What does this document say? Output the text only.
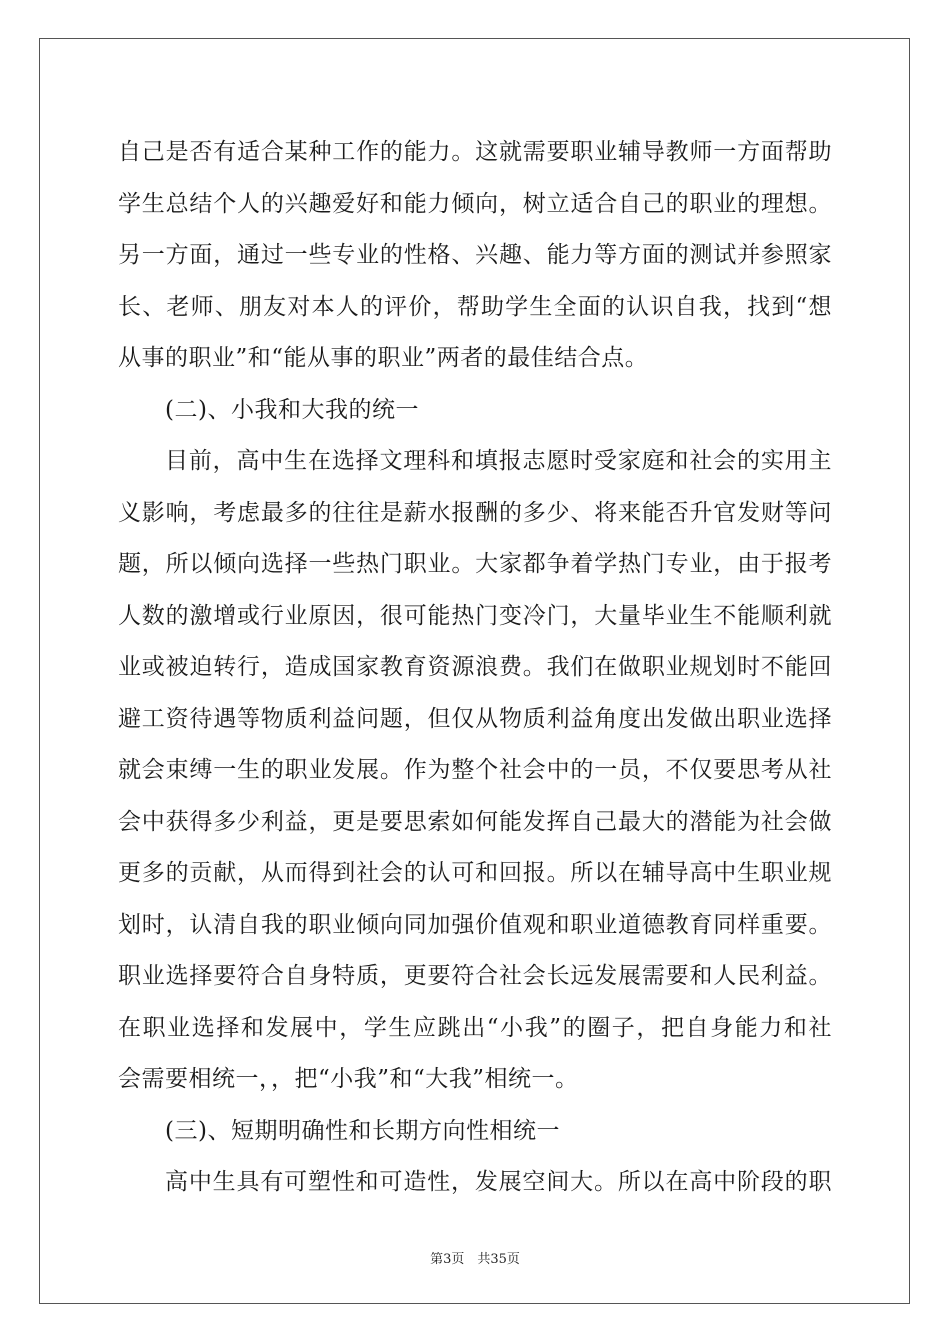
自己是否有适合某种工作的能力。这就需要职业辅导教师一方面帮助
学生总结个人的兴趣爱好和能力倾向，树立适合自己的职业的理想。
另一方面，通过一些专业的性格、兴趣、能力等方面的测试并参照家
长、老师、朋友对本人的评价，帮助学生全面的认识自我，找到“想
从事的职业”和“能从事的职业”两者的最佳结合点。
(二)、小我和大我的统一
目前，高中生在选择文理科和填报志愿时受家庭和社会的实用主
义影响，考虑最多的往往是薪水报酬的多少、将来能否升官发财等问
题，所以倾向选择一些热门职业。大家都争着学热门专业，由于报考
人数的激增或行业原因，很可能热门变冷门，大量毕业生不能顺利就
业或被迫转行，造成国家教育资源浪费。我们在做职业规划时不能回
避工资待遇等物质利益问题，但仅从物质利益角度出发做出职业选择
就会束缚一生的职业发展。作为整个社会中的一员，不仅要思考从社
会中获得多少利益，更是要思索如何能发挥自己最大的潜能为社会做
更多的贡献，从而得到社会的认可和回报。所以在辅导高中生职业规
划时，认清自我的职业倾向同加强价值观和职业道德教育同样重要。
职业选择要符合自身特质，更要符合社会长远发展需要和人民利益。
在职业选择和发展中，学生应跳出“小我”的圈子，把自身能力和社
会需要相统一，，把“小我”和“大我”相统一。
(三)、短期明确性和长期方向性相统一
高中生具有可塑性和可造性，发展空间大。所以在高中阶段的职
第3页　共35页
